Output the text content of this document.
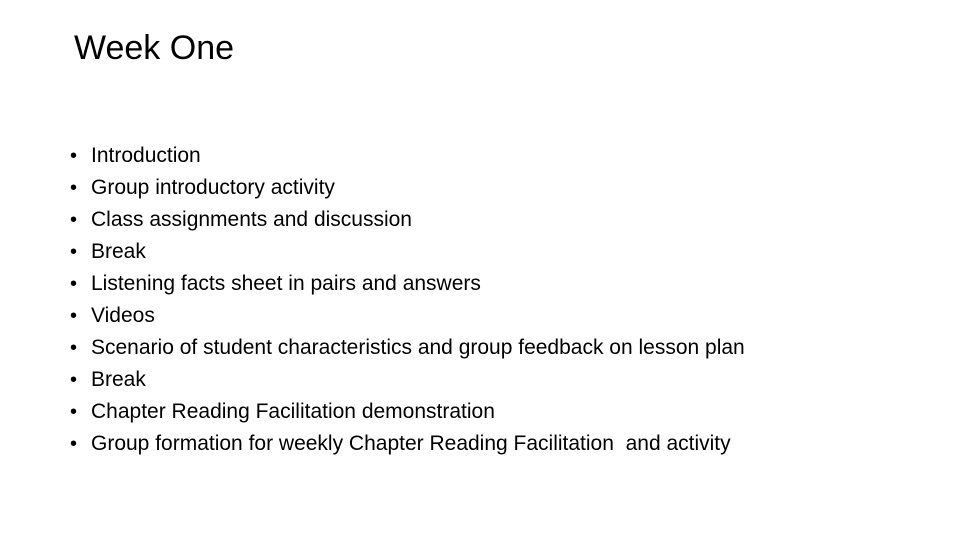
Week One

•

Introduction

•

Group introductory activity

•

Class assignments and discussion

•

Break

•

Listening facts sheet in pairs and answers

•

Videos

•

Scenario of student characteristics and group feedback on lesson plan

•

Break

•

Chapter Reading Facilitation demonstration

•

Group formation for weekly Chapter Reading Facilitation  and activity
